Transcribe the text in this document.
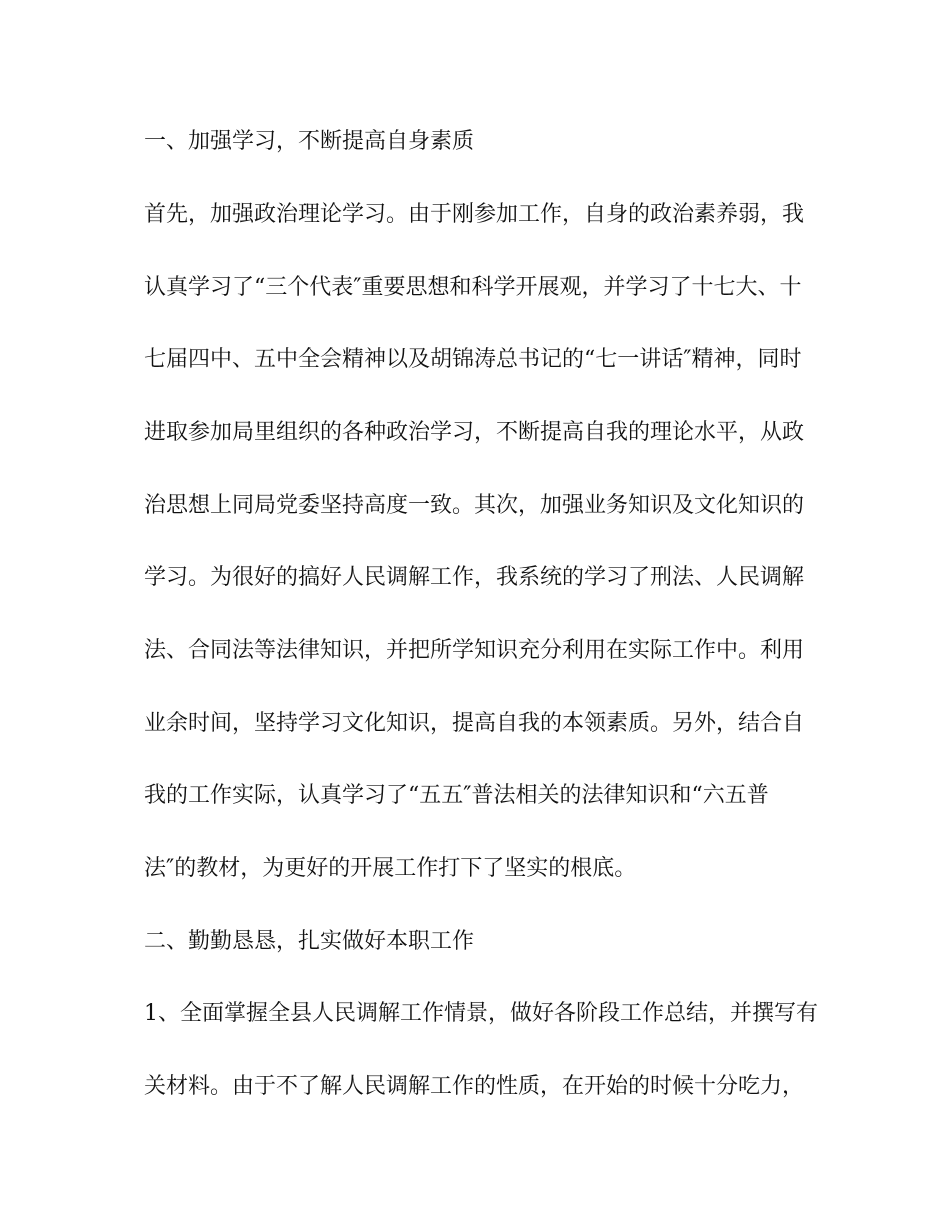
一、加强学习，不断提高自身素质

首先，加强政治理论学习。由于刚参加工作，自身的政治素养弱，我

认真学习了“三个代表″重要思想和科学开展观，并学习了十七大、十

七届四中、五中全会精神以及胡锦涛总书记的“七一讲话″精神，同时

进取参加局里组织的各种政治学习，不断提高自我的理论水平，从政

治思想上同局党委坚持高度一致。其次，加强业务知识及文化知识的

学习。为很好的搞好人民调解工作，我系统的学习了刑法、人民调解

法、合同法等法律知识，并把所学知识充分利用在实际工作中。利用

业余时间，坚持学习文化知识，提高自我的本领素质。另外，结合自

我的工作实际，认真学习了“五五″普法相关的法律知识和“六五普

法″的教材，为更好的开展工作打下了坚实的根底。

二、勤勤恳恳，扎实做好本职工作

1、全面掌握全县人民调解工作情景，做好各阶段工作总结，并撰写有

关材料。由于不了解人民调解工作的性质，在开始的时候十分吃力，
